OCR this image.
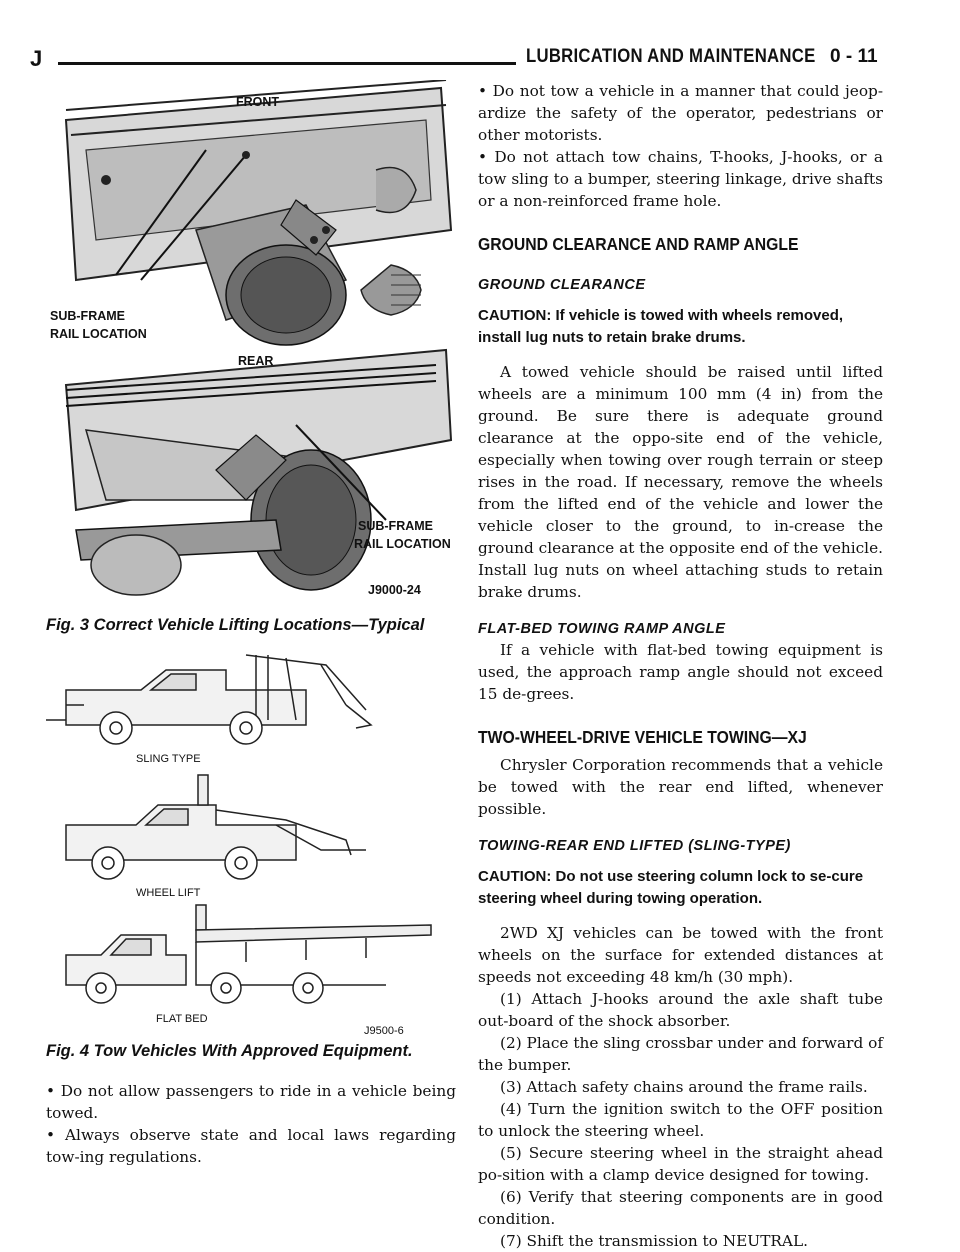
J	LUBRICATION AND MAINTENANCE 0 - 11
FRONT
SUB-FRAME
RAIL LOCATION
REAR
SUB-FRAME
RAIL LOCATION
J9000-24
Fig. 3 Correct Vehicle Lifting Locations—Typical
SLING TYPE
WHEEL LIFT
FLAT BED
J9500-6
Fig. 4 Tow Vehicles With Approved Equipment.

• Do not allow passengers to ride in a vehicle being towed.

• Always observe state and local laws regarding tow-ing regulations.

• Do not tow a vehicle in a manner that could jeop-ardize the safety of the operator, pedestrians or other motorists.

• Do not attach tow chains, T-hooks, J-hooks, or a tow sling to a bumper, steering linkage, drive shafts or a non-reinforced frame hole.

GROUND CLEARANCE AND RAMP ANGLE

GROUND CLEARANCE

CAUTION: If vehicle is towed with wheels removed, install lug nuts to retain brake drums.

A towed vehicle should be raised until lifted wheels are a minimum 100 mm (4 in) from the ground. Be sure there is adequate ground clearance at the oppo-site end of the vehicle, especially when towing over rough terrain or steep rises in the road. If necessary, remove the wheels from the lifted end of the vehicle and lower the vehicle closer to the ground, to in-crease the ground clearance at the opposite end of the vehicle. Install lug nuts on wheel attaching studs to retain brake drums.

FLAT-BED TOWING RAMP ANGLE

If a vehicle with flat-bed towing equipment is used, the approach ramp angle should not exceed 15 de-grees.

TWO-WHEEL-DRIVE VEHICLE TOWING—XJ

Chrysler Corporation recommends that a vehicle be towed with the rear end lifted, whenever possible.

TOWING-REAR END LIFTED (SLING-TYPE)

CAUTION: Do not use steering column lock to se-cure steering wheel during towing operation.

2WD XJ vehicles can be towed with the front wheels on the surface for extended distances at speeds not exceeding 48 km/h (30 mph).

(1) Attach J-hooks around the axle shaft tube out-board of the shock absorber.

(2) Place the sling crossbar under and forward of the bumper.

(3) Attach safety chains around the frame rails.

(4) Turn the ignition switch to the OFF position to unlock the steering wheel.

(5) Secure steering wheel in the straight ahead po-sition with a clamp device designed for towing.

(6) Verify that steering components are in good condition.

(7) Shift the transmission to NEUTRAL.
